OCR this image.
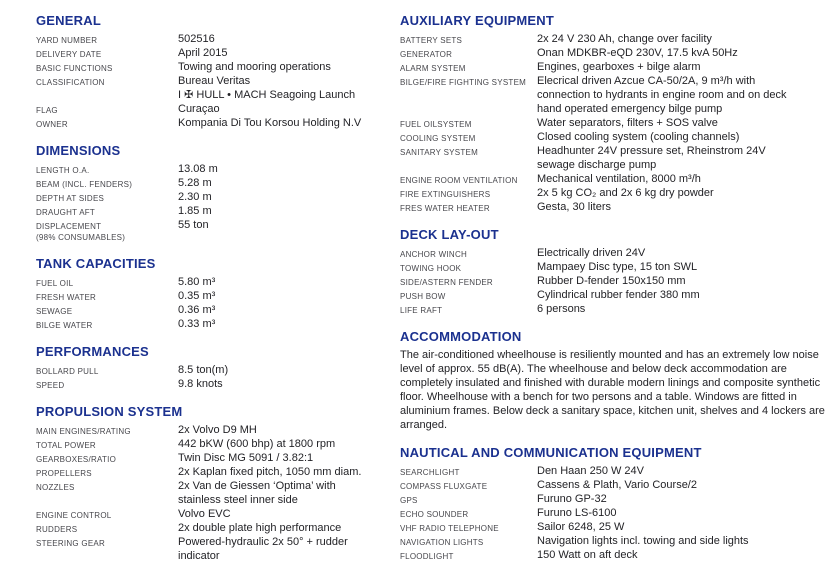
GENERAL
YARD NUMBER	502516
DELIVERY DATE	April 2015
BASIC FUNCTIONS	Towing and mooring operations
CLASSIFICATION	Bureau Veritas
I ✠ HULL • MACH Seagoing Launch
FLAG	Curaçao
OWNER	Kompania Di Tou Korsou Holding N.V
DIMENSIONS
LENGTH O.A.	13.08 m
BEAM (INCL. FENDERS)	5.28 m
DEPTH AT SIDES	2.30 m
DRAUGHT AFT	1.85 m
DISPLACEMENT
(98% CONSUMABLES)
55 ton
TANK CAPACITIES
FUEL OIL	5.80 m³
FRESH WATER	0.35 m³
SEWAGE	0.36 m³
BILGE WATER	0.33 m³
PERFORMANCES
BOLLARD PULL	8.5 ton(m)
SPEED	9.8 knots
PROPULSION SYSTEM
MAIN ENGINES/RATING	2x Volvo D9 MH
TOTAL POWER	442 bKW (600 bhp) at 1800 rpm
GEARBOXES/RATIO	Twin Disc MG 5091 / 3.82:1
PROPELLERS	2x Kaplan fixed pitch, 1050 mm diam.
NOZZLES	2x Van de Giessen ‘Optima’ with
stainless steel inner side
ENGINE CONTROL	Volvo EVC
RUDDERS	2x double plate high performance
STEERING GEAR	Powered-hydraulic 2x 50° + rudder
indicator
AUXILIARY EQUIPMENT
BATTERY SETS	2x 24 V 230 Ah, change over facility
GENERATOR	Onan MDKBR-eQD 230V, 17.5 kvA 50Hz
ALARM SYSTEM	Engines, gearboxes + bilge alarm
BILGE/FIRE FIGHTING SYSTEM Elecrical driven Azcue CA-50/2A, 9 m³/h with
connection to hydrants in engine room and on deck
hand operated emergency bilge pump
FUEL OILSYSTEM	Water separators, filters + SOS valve
COOLING SYSTEM	Closed cooling system (cooling channels)
SANITARY SYSTEM	Headhunter 24V pressure set, Rheinstrom 24V
sewage discharge pump
ENGINE ROOM VENTILATION	Mechanical ventilation, 8000 m³/h
FIRE EXTINGUISHERS	2x 5 kg CO₂ and 2x 6 kg dry powder
FRES WATER HEATER	Gesta, 30 liters
DECK LAY-OUT
ANCHOR WINCH	Electrically driven 24V
TOWING HOOK	Mampaey Disc type, 15 ton SWL
SIDE/ASTERN FENDER	Rubber D-fender 150x150 mm
PUSH BOW	Cylindrical rubber fender 380 mm
LIFE RAFT	6 persons
ACCOMMODATION
The air-conditioned wheelhouse is resiliently mounted and has an extremely low noise level of approx. 55 dB(A). The wheelhouse and below deck accommodation are completely insulated and finished with durable modern linings and composite synthetic floor. Wheelhouse with a bench for two persons and a table. Windows are fitted in aluminium frames. Below deck a sanitary space, kitchen unit, shelves and 4 lockers are arranged.
NAUTICAL AND COMMUNICATION EQUIPMENT
SEARCHLIGHT	Den Haan 250 W 24V
COMPASS FLUXGATE	Cassens & Plath, Vario Course/2
GPS	Furuno GP-32
ECHO SOUNDER	Furuno LS-6100
VHF RADIO TELEPHONE	Sailor 6248, 25 W
NAVIGATION LIGHTS	Navigation lights incl. towing and side lights
FLOODLIGHT	150 Watt on aft deck
